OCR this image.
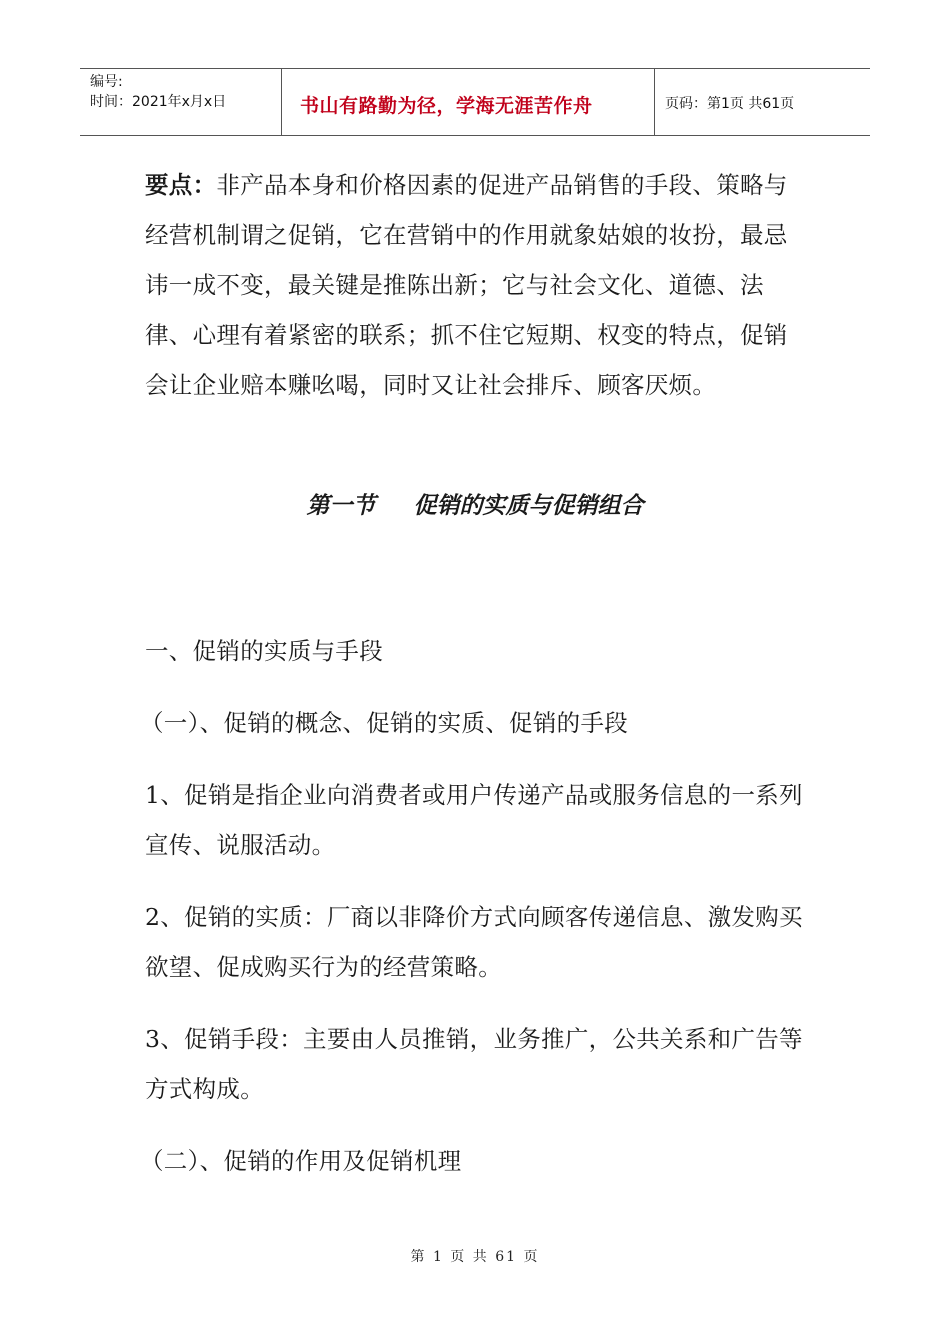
编号:
时间：2021年x月x日	书山有路勤为径，学海无涯苦作舟	页码：第1页 共61页

要点：非产品本身和价格因素的促进产品销售的手段、策略与经营机制谓之促销，它在营销中的作用就象姑娘的妆扮，最忌讳一成不变，最关键是推陈出新；它与社会文化、道德、法律、心理有着紧密的联系；抓不住它短期、权变的特点，促销会让企业赔本赚吆喝，同时又让社会排斥、顾客厌烦。

第一节 促销的实质与促销组合

一、促销的实质与手段

（一）、促销的概念、促销的实质、促销的手段

1、促销是指企业向消费者或用户传递产品或服务信息的一系列宣传、说服活动。

2、促销的实质：厂商以非降价方式向顾客传递信息、激发购买欲望、促成购买行为的经营策略。

3、促销手段：主要由人员推销，业务推广，公共关系和广告等方式构成。

（二）、促销的作用及促销机理

第 1 页 共 61 页
